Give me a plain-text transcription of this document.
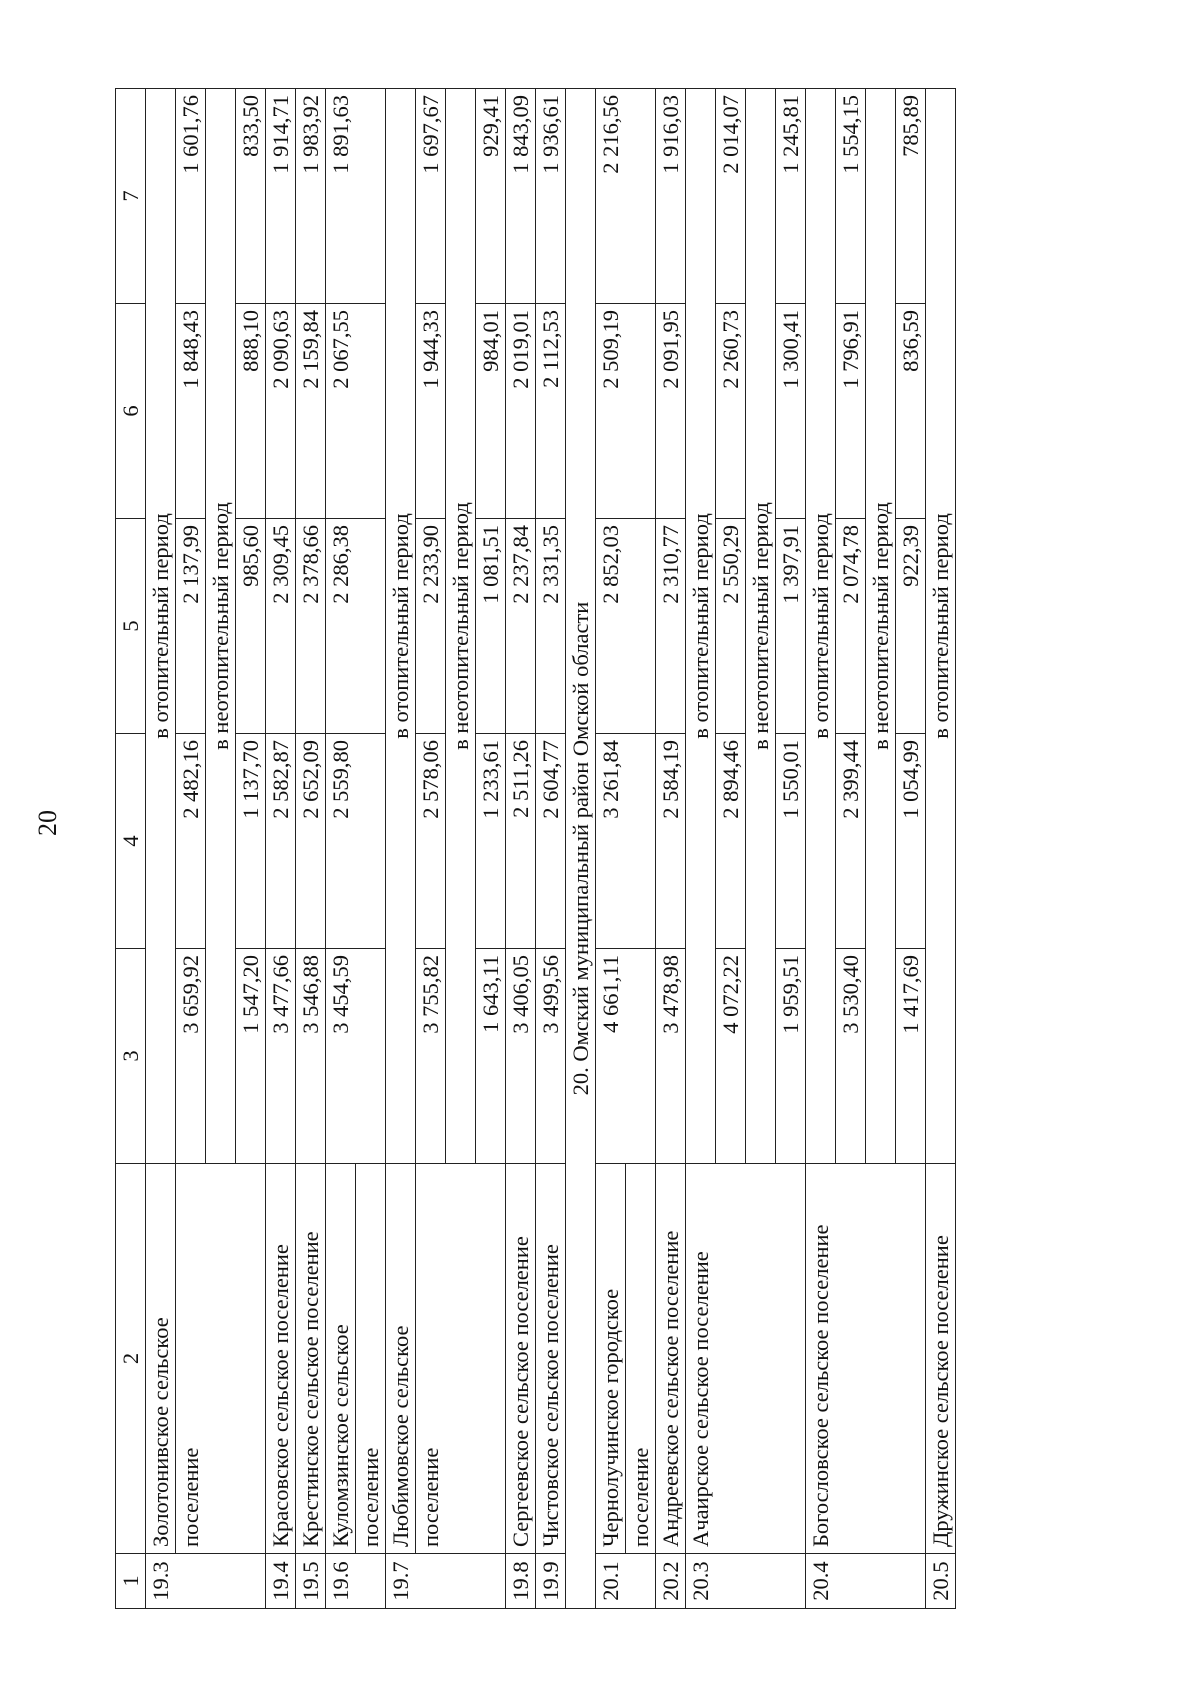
20
1	2	3	4	5	6	7
19.3	Золотонивское сельское	в отопительный период				
	поселение	3 659,92	2 482,16	2 137,99	1 848,43	1 601,76
		в неотопительный период				
		1 547,20	1 137,70	985,60	888,10	833,50
19.4	Красовское сельское поселение	3 477,66	2 582,87	2 309,45	2 090,63	1 914,71
19.5	Крестинское сельское поселение	3 546,88	2 652,09	2 378,66	2 159,84	1 983,92
19.6	Куломзинское сельское	3 454,59	2 559,80	2 286,38	2 067,55	1 891,63
	поселение					
19.7	Любимовское сельское	в отопительный период				
	поселение	3 755,82	2 578,06	2 233,90	1 944,33	1 697,67
		в неотопительный период				
		1 643,11	1 233,61	1 081,51	984,01	929,41
19.8	Сергеевское сельское поселение	3 406,05	2 511,26	2 237,84	2 019,01	1 843,09
19.9	Чистовское сельское поселение	3 499,56	2 604,77	2 331,35	2 112,53	1 936,61
20. Омский муниципальный район Омской области						
20.1	Чернолучинское городское	4 661,11	3 261,84	2 852,03	2 509,19	2 216,56
	поселение					
20.2	Андреевское сельское поселение	3 478,98	2 584,19	2 310,77	2 091,95	1 916,03
20.3	Ачаирское сельское поселение	в отопительный период				
		4 072,22	2 894,46	2 550,29	2 260,73	2 014,07
		в неотопительный период				
		1 959,51	1 550,01	1 397,91	1 300,41	1 245,81
20.4	Богословское сельское поселение	в отопительный период				
		3 530,40	2 399,44	2 074,78	1 796,91	1 554,15
		в неотопительный период				
		1 417,69	1 054,99	922,39	836,59	785,89
20.5	Дружинское сельское поселение	в отопительный период				
